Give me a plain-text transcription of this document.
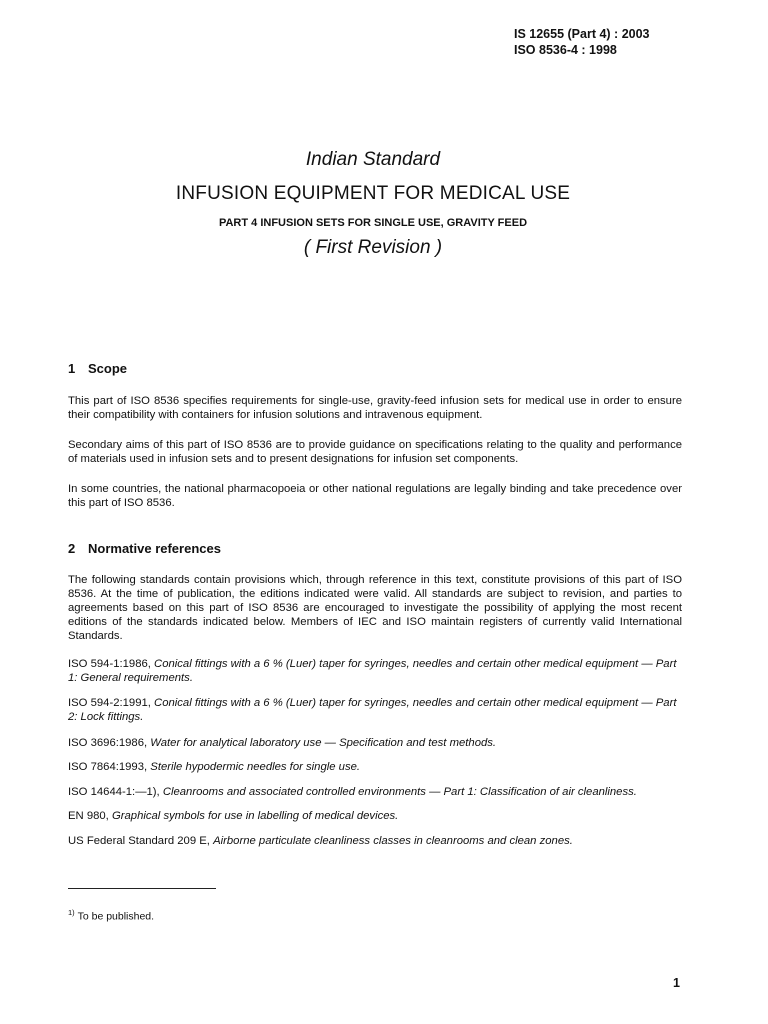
IS 12655 (Part 4) : 2003
ISO 8536-4 : 1998
Indian Standard
INFUSION EQUIPMENT FOR MEDICAL USE
PART 4 INFUSION SETS FOR SINGLE USE, GRAVITY FEED
( First Revision )
1 Scope
This part of ISO 8536 specifies requirements for single-use, gravity-feed infusion sets for medical use in order to ensure their compatibility with containers for infusion solutions and intravenous equipment.
Secondary aims of this part of ISO 8536 are to provide guidance on specifications relating to the quality and performance of materials used in infusion sets and to present designations for infusion set components.
In some countries, the national pharmacopoeia or other national regulations are legally binding and take precedence over this part of ISO 8536.
2 Normative references
The following standards contain provisions which, through reference in this text, constitute provisions of this part of ISO 8536. At the time of publication, the editions indicated were valid. All standards are subject to revision, and parties to agreements based on this part of ISO 8536 are encouraged to investigate the possibility of applying the most recent editions of the standards indicated below. Members of IEC and ISO maintain registers of currently valid International Standards.
ISO 594-1:1986, Conical fittings with a 6 % (Luer) taper for syringes, needles and certain other medical equipment — Part 1: General requirements.
ISO 594-2:1991, Conical fittings with a 6 % (Luer) taper for syringes, needles and certain other medical equipment — Part 2: Lock fittings.
ISO 3696:1986, Water for analytical laboratory use — Specification and test methods.
ISO 7864:1993, Sterile hypodermic needles for single use.
ISO 14644-1:—1), Cleanrooms and associated controlled environments — Part 1: Classification of air cleanliness.
EN 980, Graphical symbols for use in labelling of medical devices.
US Federal Standard 209 E, Airborne particulate cleanliness classes in cleanrooms and clean zones.
$^{1)}$ To be published.
1
